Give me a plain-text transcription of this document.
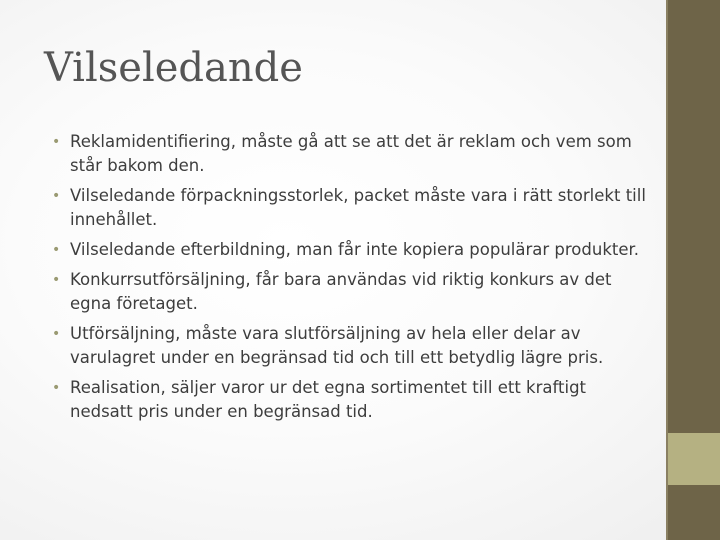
Vilseledande
• Reklamidentifiering, måste gå att se att det är reklam och vem som står bakom den.
• Vilseledande förpackningsstorlek, packet måste vara i rätt storlekt till innehållet.
• Vilseledande efterbildning, man får inte kopiera populärar produkter.
• Konkurrsutförsäljning, får bara användas vid riktig konkurs av det egna företaget.
• Utförsäljning, måste vara slutförsäljning av hela eller delar av varulagret under en begränsad tid och till ett betydlig lägre pris.
• Realisation, säljer varor ur det egna sortimentet till ett kraftigt nedsatt pris under en begränsad tid.
